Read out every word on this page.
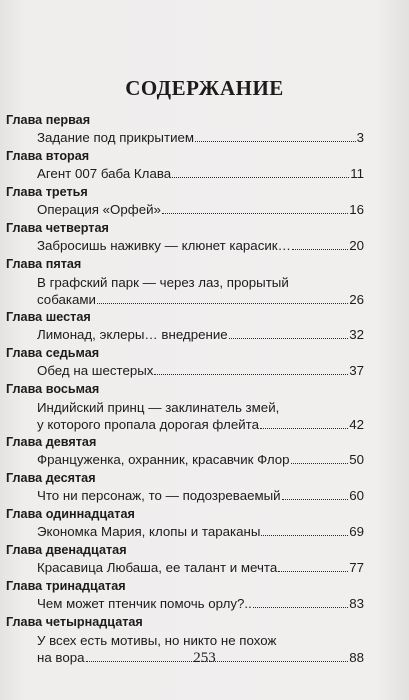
СОДЕРЖАНИЕ
Глава первая
Задание под прикрытием	3
Глава вторая
Агент 007 баба Клава	11
Глава третья
Операция «Орфей»	16
Глава четвертая
Забросишь наживку — клюнет карасик…	20
Глава пятая
В графский парк — через лаз, прорытый
собаками	26
Глава шестая
Лимонад, эклеры… внедрение	32
Глава седьмая
Обед на шестерых	37
Глава восьмая
Индийский принц — заклинатель змей,
у которого пропала дорогая флейта	42
Глава девятая
Француженка, охранник, красавчик Флор	50
Глава десятая
Что ни персонаж, то — подозреваемый	60
Глава одиннадцатая
Экономка Мария, клопы и тараканы	69
Глава двенадцатая
Красавица Любаша, ее талант и мечта	77
Глава тринадцатая
Чем может птенчик помочь орлу?..	83
Глава четырнадцатая
У всех есть мотивы, но никто не похож
на вора	88
253
